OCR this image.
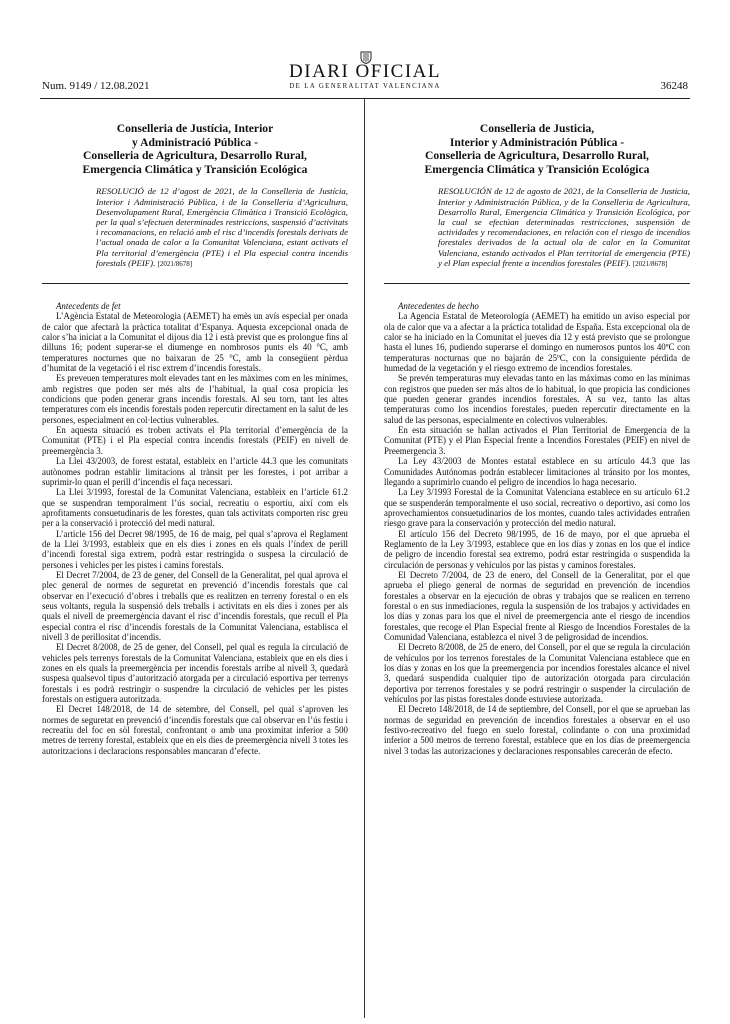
Num. 9149 / 12.08.2021
DIARI OFICIAL
DE LA GENERALITAT VALENCIANA	36248
Conselleria de Justícia, Interior
y Administració Pública -
Conselleria de Agricultura, Desarrollo Rural,
Emergencia Climática y Transición Ecológica

RESOLUCIÓ de 12 d’agost de 2021, de la Conselleria de Justícia, Interior i Administració Pública, i de la Conselleria d’Agricultura, Desenvolupament Rural, Emergència Climàtica i Transició Ecològica, per la qual s’efectuen determinades restriccions, suspensió d’activitats i recomanacions, en relació amb el risc d’incendis forestals derivats de l’actual onada de calor a la Comunitat Valenciana, estant activats el Pla territorial d’emergència (PTE) i el Pla especial contra incendis forestals (PEIF). [2021/8678]

Antecedents de fet

L’Agència Estatal de Meteorologia (AEMET) ha emès un avís especial per onada de calor que afectarà la pràctica totalitat d’Espanya. Aquesta excepcional onada de calor s’ha iniciat a la Comunitat el dijous dia 12 i està previst que es prolongue fins al dilluns 16; podent superar-se el diumenge en nombrosos punts els 40 °C, amb temperatures nocturnes que no baixaran de 25 °C, amb la consegüent pèrdua d’humitat de la vegetació i el risc extrem d’incendis forestals.

Es preveuen temperatures molt elevades tant en les màximes com en les mínimes, amb registres que poden ser més alts de l’habitual, la qual cosa propicia les condicions que poden generar grans incendis forestals. Al seu torn, tant les altes temperatures com els incendis forestals poden repercutir directament en la salut de les persones, especialment en col·lectius vulnerables.

En aquesta situació es troben activats el Pla territorial d’emergència de la Comunitat (PTE) i el Pla especial contra incendis forestals (PEIF) en nivell de preemergència 3.

La Llei 43/2003, de forest estatal, estableix en l’article 44.3 que les comunitats autònomes podran establir limitacions al trànsit per les forestes, i pot arribar a suprimir-lo quan el perill d’incendis el faça necessari.

La Llei 3/1993, forestal de la Comunitat Valenciana, estableix en l’article 61.2 que se suspendran temporalment l’ús social, recreatiu o esportiu, així com els aprofitaments consuetudinaris de les forestes, quan tals activitats comporten risc greu per a la conservació i protecció del medi natural.

L’article 156 del Decret 98/1995, de 16 de maig, pel qual s’aprova el Reglament de la Llei 3/1993, estableix que en els dies i zones en els quals l’índex de perill d’incendi forestal siga extrem, podrà estar restringida o suspesa la circulació de persones i vehicles per les pistes i camins forestals.

El Decret 7/2004, de 23 de gener, del Consell de la Generalitat, pel qual aprova el plec general de normes de seguretat en prevenció d’incendis forestals que cal observar en l’execució d’obres i treballs que es realitzen en terreny forestal o en els seus voltants, regula la suspensió dels treballs i activitats en els dies i zones per als quals el nivell de preemergència davant el risc d’incendis forestals, que recull el Pla especial contra el risc d’incendis forestals de la Comunitat Valenciana, establisca el nivell 3 de perillositat d’incendis.

El Decret 8/2008, de 25 de gener, del Consell, pel qual es regula la circulació de vehicles pels terrenys forestals de la Comunitat Valenciana, estableix que en els dies i zones en els quals la preemergència per incendis forestals arribe al nivell 3, quedarà suspesa qualsevol tipus d’autorització atorgada per a circulació esportiva per terrenys forestals i es podrà restringir o suspendre la circulació de vehicles per les pistes forestals on estiguera autoritzada.

El Decret 148/2018, de 14 de setembre, del Consell, pel qual s’aproven les normes de seguretat en prevenció d’incendis forestals que cal observar en l’ús festiu i recreatiu del foc en sòl forestal, confrontant o amb una proximitat inferior a 500 metres de terreny forestal, estableix que en els dies de preemergència nivell 3 totes les autoritzacions i declaracions responsables mancaran d’efecte.

Conselleria de Justicia,
Interior y Administración Pública -
Conselleria de Agricultura, Desarrollo Rural,
Emergencia Climática y Transición Ecológica

RESOLUCIÓN de 12 de agosto de 2021, de la Conselleria de Justicia, Interior y Administración Pública, y de la Conselleria de Agricultura, Desarrollo Rural, Emergencia Climática y Transición Ecológica, por la cual se efectúan determinadas restricciones, suspensión de actividades y recomendaciones, en relación con el riesgo de incendios forestales derivados de la actual ola de calor en la Comunitat Valenciana, estando activados el Plan territorial de emergencia (PTE) y el Plan especial frente a incendios forestales (PEIF). [2021/8678]

Antecedentes de hecho

La Agencia Estatal de Meteorología (AEMET) ha emitido un aviso especial por ola de calor que va a afectar a la práctica totalidad de España. Esta excepcional ola de calor se ha iniciado en la Comunitat el jueves día 12 y está previsto que se prolongue hasta el lunes 16, pudiendo superarse el domingo en numerosos puntos los 40ºC con temperaturas nocturnas que no bajarán de 25ºC, con la consiguiente pérdida de humedad de la vegetación y el riesgo extremo de incendios forestales.

Se prevén temperaturas muy elevadas tanto en las máximas como en las mínimas con registros que pueden ser más altos de lo habitual, lo que propicia las condiciones que pueden generar grandes incendios forestales. A su vez, tanto las altas temperaturas como los incendios forestales, pueden repercutir directamente en la salud de las personas, especialmente en colectivos vulnerables.

En esta situación se hallan activados el Plan Territorial de Emergencia de la Comunitat (PTE) y el Plan Especial frente a Incendios Forestales (PEIF) en nivel de Preemergencia 3.

La Ley 43/2003 de Montes estatal establece en su artículo 44.3 que las Comunidades Autónomas podrán establecer limitaciones al tránsito por los montes, llegando a suprimirlo cuando el peligro de incendios lo haga necesario.

La Ley 3/1993 Forestal de la Comunitat Valenciana establece en su artículo 61.2 que se suspenderán temporalmente el uso social, recreativo o deportivo, así como los aprovechamientos consuetudinarios de los montes, cuando tales actividades entrañen riesgo grave para la conservación y protección del medio natural.

El artículo 156 del Decreto 98/1995, de 16 de mayo, por el que aprueba el Reglamento de la Ley 3/1993, establece que en los días y zonas en los que el índice de peligro de incendio forestal sea extremo, podrá estar restringida o suspendida la circulación de personas y vehículos por las pistas y caminos forestales.

El Decreto 7/2004, de 23 de enero, del Consell de la Generalitat, por el que aprueba el pliego general de normas de seguridad en prevención de incendios forestales a observar en la ejecución de obras y trabajos que se realicen en terreno forestal o en sus inmediaciones, regula la suspensión de los trabajos y actividades en los días y zonas para los que el nivel de preemergencia ante el riesgo de incendios forestales, que recoge el Plan Especial frente al Riesgo de Incendios Forestales de la Comunidad Valenciana, establezca el nivel 3 de peligrosidad de incendios.

El Decreto 8/2008, de 25 de enero, del Consell, por el que se regula la circulación de vehículos por los terrenos forestales de la Comunitat Valenciana establece que en los días y zonas en los que la preemergencia por incendios forestales alcance el nivel 3, quedará suspendida cualquier tipo de autorización otorgada para circulación deportiva por terrenos forestales y se podrá restringir o suspender la circulación de vehículos por las pistas forestales donde estuviese autorizada.

El Decreto 148/2018, de 14 de septiembre, del Consell, por el que se aprueban las normas de seguridad en prevención de incendios forestales a observar en el uso festivo-recreativo del fuego en suelo forestal, colindante o con una proximidad inferior a 500 metros de terreno forestal, establece que en los días de preemergencia nivel 3 todas las autorizaciones y declaraciones responsables carecerán de efecto.
